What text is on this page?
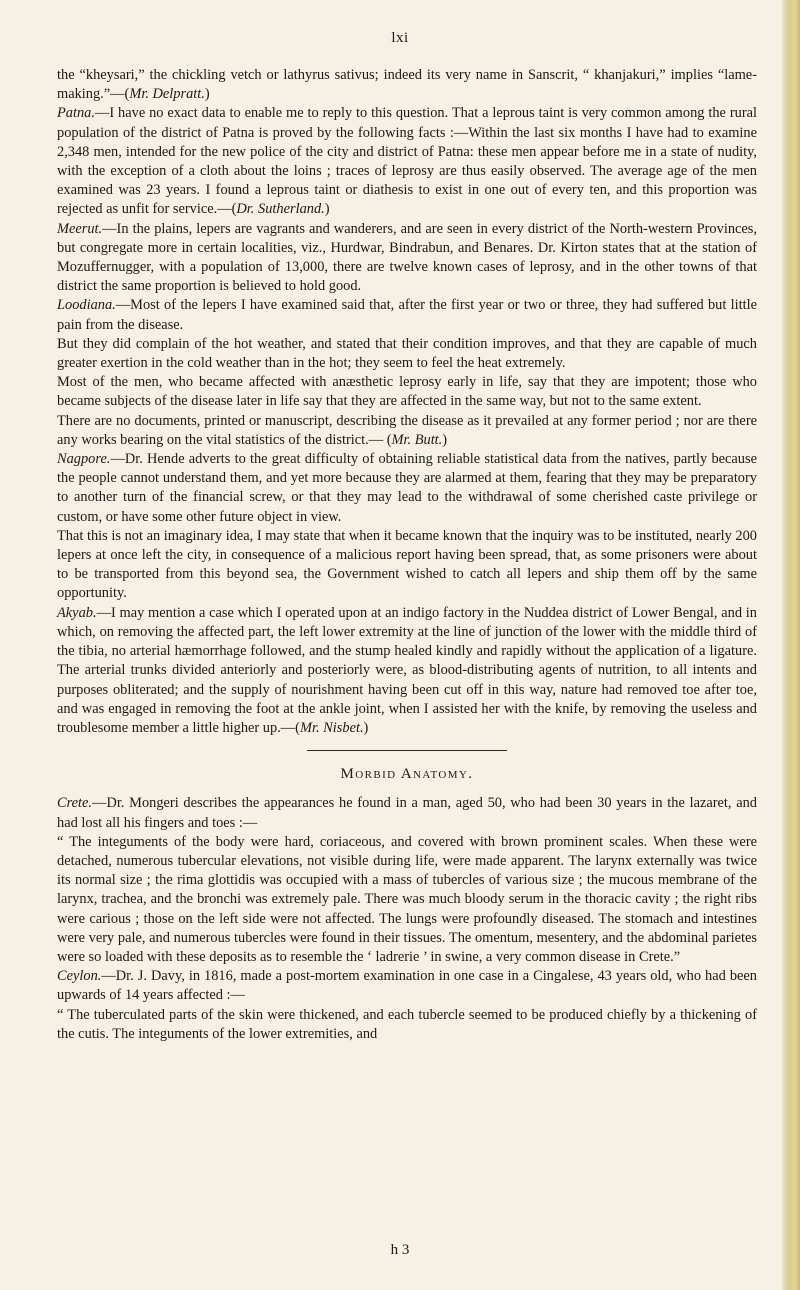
lxi

the “kheysari,” the chickling vetch or lathyrus sativus; indeed its very name in Sanscrit, “ khanjakuri,” implies “lame-making.”—(Mr. Delpratt.)

Patna.—I have no exact data to enable me to reply to this question. That a leprous taint is very common among the rural population of the district of Patna is proved by the following facts :—Within the last six months I have had to examine 2,348 men, intended for the new police of the city and district of Patna: these men appear before me in a state of nudity, with the exception of a cloth about the loins ; traces of leprosy are thus easily observed. The average age of the men examined was 23 years. I found a leprous taint or diathesis to exist in one out of every ten, and this proportion was rejected as unfit for service.—(Dr. Sutherland.)

Meerut.—In the plains, lepers are vagrants and wanderers, and are seen in every district of the North-western Provinces, but congregate more in certain localities, viz., Hurdwar, Bindrabun, and Benares. Dr. Kirton states that at the station of Mozuffernugger, with a population of 13,000, there are twelve known cases of leprosy, and in the other towns of that district the same proportion is believed to hold good.

Loodiana.—Most of the lepers I have examined said that, after the first year or two or three, they had suffered but little pain from the disease.

But they did complain of the hot weather, and stated that their condition improves, and that they are capable of much greater exertion in the cold weather than in the hot; they seem to feel the heat extremely.

Most of the men, who became affected with anæsthetic leprosy early in life, say that they are impotent; those who became subjects of the disease later in life say that they are affected in the same way, but not to the same extent.

There are no documents, printed or manuscript, describing the disease as it prevailed at any former period ; nor are there any works bearing on the vital statistics of the district.— (Mr. Butt.)

Nagpore.—Dr. Hende adverts to the great difficulty of obtaining reliable statistical data from the natives, partly because the people cannot understand them, and yet more because they are alarmed at them, fearing that they may be preparatory to another turn of the financial screw, or that they may lead to the withdrawal of some cherished caste privilege or custom, or have some other future object in view.

That this is not an imaginary idea, I may state that when it became known that the inquiry was to be instituted, nearly 200 lepers at once left the city, in consequence of a malicious report having been spread, that, as some prisoners were about to be transported from this beyond sea, the Government wished to catch all lepers and ship them off by the same opportunity.

Akyab.—I may mention a case which I operated upon at an indigo factory in the Nuddea district of Lower Bengal, and in which, on removing the affected part, the left lower extremity at the line of junction of the lower with the middle third of the tibia, no arterial hæmorrhage followed, and the stump healed kindly and rapidly without the application of a ligature. The arterial trunks divided anteriorly and posteriorly were, as blood-distributing agents of nutrition, to all intents and purposes obliterated; and the supply of nourishment having been cut off in this way, nature had removed toe after toe, and was engaged in removing the foot at the ankle joint, when I assisted her with the knife, by removing the useless and troublesome member a little higher up.—(Mr. Nisbet.)

Morbid Anatomy.

Crete.—Dr. Mongeri describes the appearances he found in a man, aged 50, who had been 30 years in the lazaret, and had lost all his fingers and toes :—

“ The integuments of the body were hard, coriaceous, and covered with brown prominent scales. When these were detached, numerous tubercular elevations, not visible during life, were made apparent. The larynx externally was twice its normal size ; the rima glottidis was occupied with a mass of tubercles of various size ; the mucous membrane of the larynx, trachea, and the bronchi was extremely pale. There was much bloody serum in the thoracic cavity ; the right ribs were carious ; those on the left side were not affected. The lungs were profoundly diseased. The stomach and intestines were very pale, and numerous tubercles were found in their tissues. The omentum, mesentery, and the abdominal parietes were so loaded with these deposits as to resemble the ‘ ladrerie ’ in swine, a very common disease in Crete.”

Ceylon.—Dr. J. Davy, in 1816, made a post-mortem examination in one case in a Cingalese, 43 years old, who had been upwards of 14 years affected :—

“ The tuberculated parts of the skin were thickened, and each tubercle seemed to be produced chiefly by a thickening of the cutis. The integuments of the lower extremities, and

h 3
